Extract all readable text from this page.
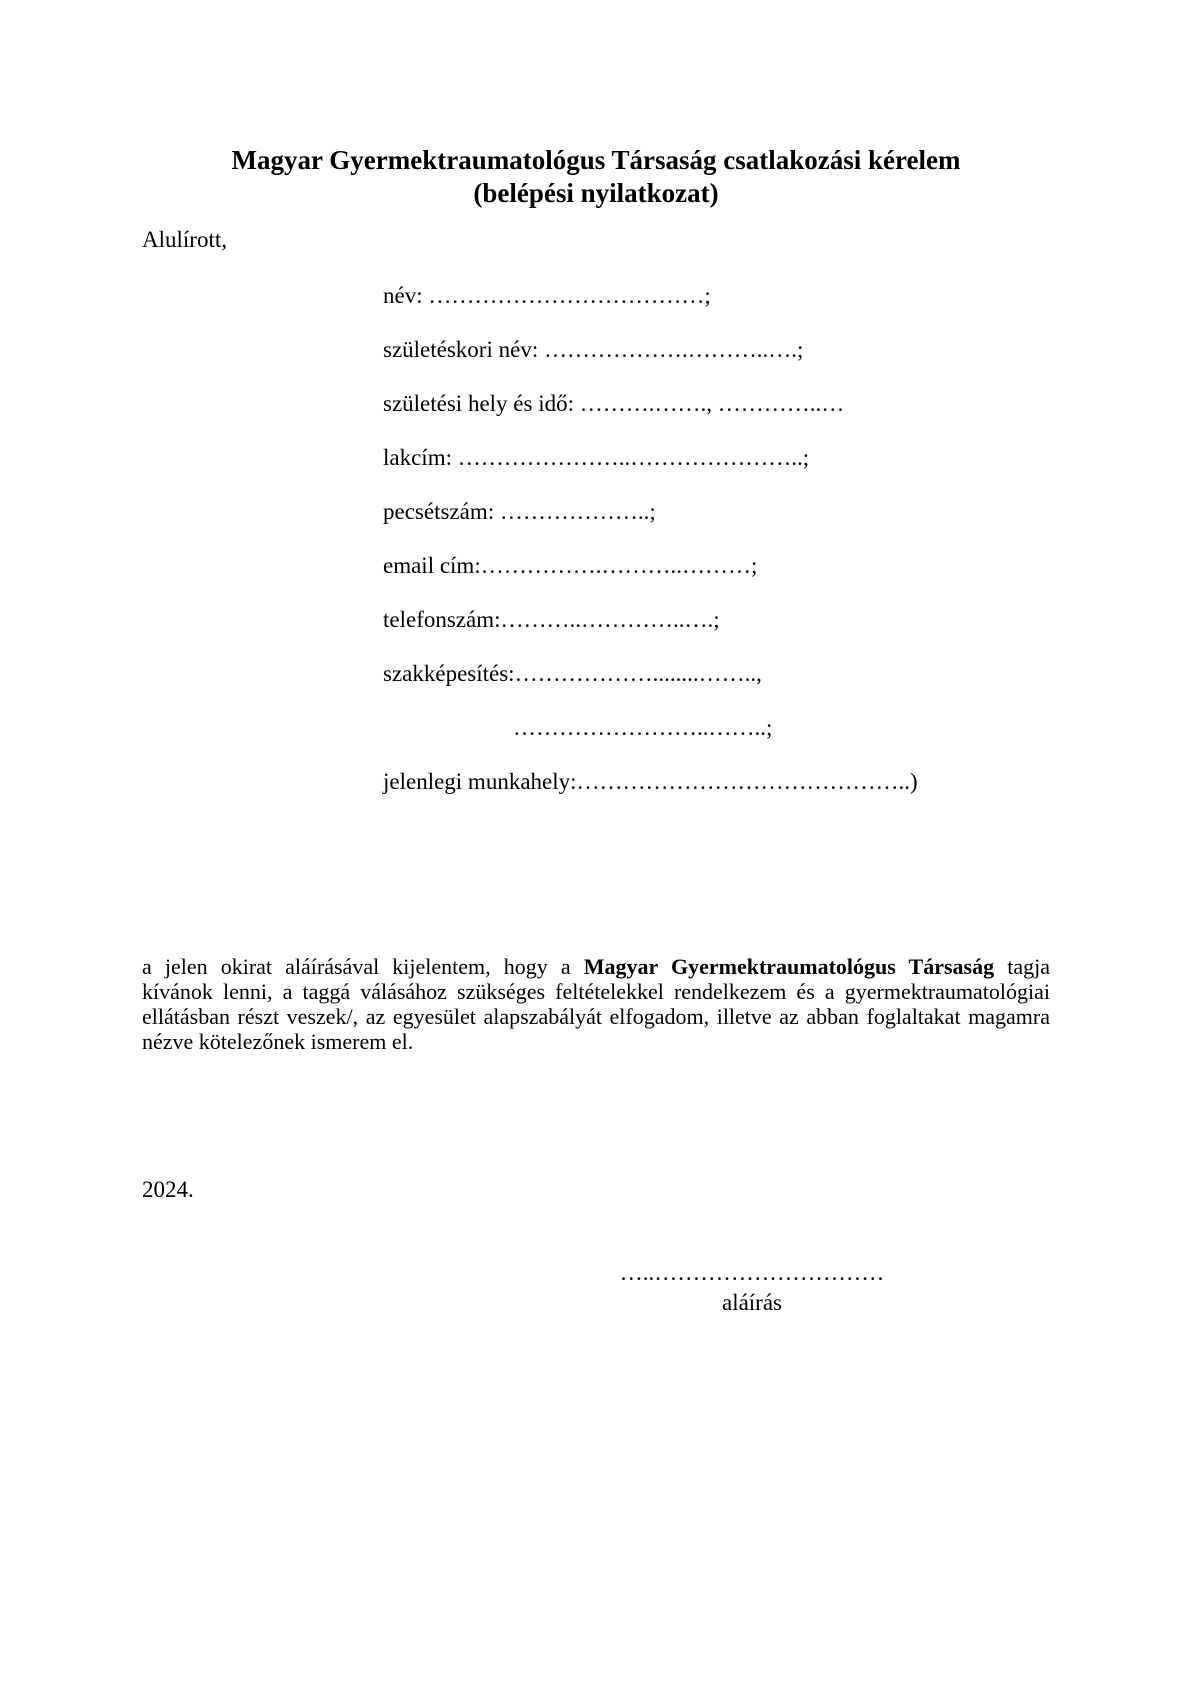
Magyar Gyermektraumatológus Társaság csatlakozási kérelem
(belépési nyilatkozat)
Alulírott,
név: ………………………………;
születéskori név: ……………….………..….;
születési hely és idő: ……….……., …………..…
lakcím: …………………..…………………..;
pecsétszám: ………………..;
email cím:…………….………..………;
telefonszám:………..…………..….;
szakképesítés:………………........……..,
……………………..……..;
jelenlegi munkahely:……………………………………..)

a jelen okirat aláírásával kijelentem, hogy a Magyar Gyermektraumatológus Társaság tagja kívánok lenni, a taggá válásához szükséges feltételekkel rendelkezem és a gyermektraumatológiai ellátásban részt veszek/, az egyesület alapszabályát elfogadom, illetve az abban foglaltakat magamra nézve kötelezőnek ismerem el.

2024.
…..…………………………
aláírás
